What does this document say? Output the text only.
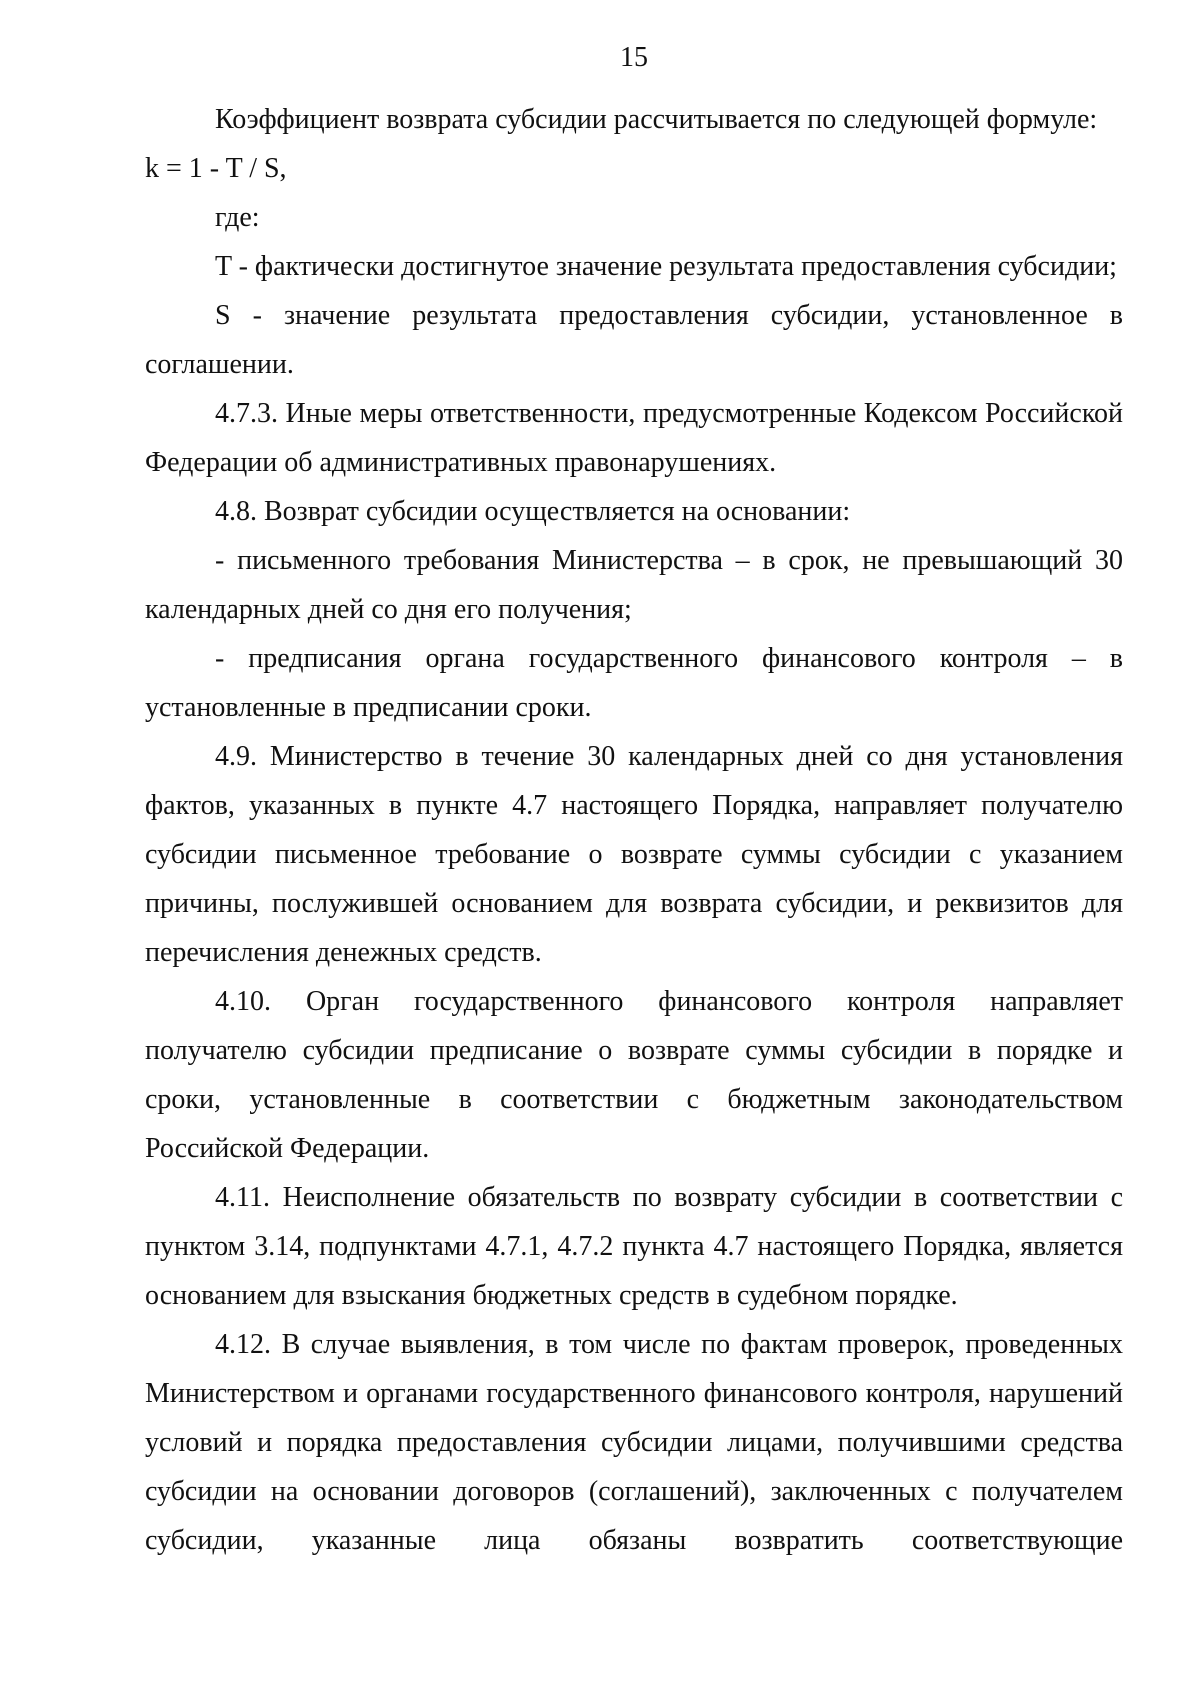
15

Коэффициент возврата субсидии рассчитывается по следующей формуле:

k = 1 - T / S,

где:

T - фактически достигнутое значение результата предоставления субсидии;

S - значение результата предоставления субсидии, установленное в соглашении.

4.7.3. Иные меры ответственности, предусмотренные Кодексом Российской Федерации об административных правонарушениях.

4.8. Возврат субсидии осуществляется на основании:

- письменного требования Министерства – в срок, не превышающий 30 календарных дней со дня его получения;

- предписания органа государственного финансового контроля – в установленные в предписании сроки.

4.9. Министерство в течение 30 календарных дней со дня установления фактов, указанных в пункте 4.7 настоящего Порядка, направляет получателю субсидии письменное требование о возврате суммы субсидии с указанием причины, послужившей основанием для возврата субсидии, и реквизитов для перечисления денежных средств.

4.10. Орган государственного финансового контроля направляет получателю субсидии предписание о возврате суммы субсидии в порядке и сроки, установленные в соответствии с бюджетным законодательством Российской Федерации.

4.11. Неисполнение обязательств по возврату субсидии в соответствии с пунктом 3.14, подпунктами 4.7.1, 4.7.2 пункта 4.7 настоящего Порядка, является основанием для взыскания бюджетных средств в судебном порядке.

4.12. В случае выявления, в том числе по фактам проверок, проведенных Министерством и органами государственного финансового контроля, нарушений условий и порядка предоставления субсидии лицами, получившими средства субсидии на основании договоров (соглашений), заключенных с получателем субсидии, указанные лица обязаны возвратить соответствующие
